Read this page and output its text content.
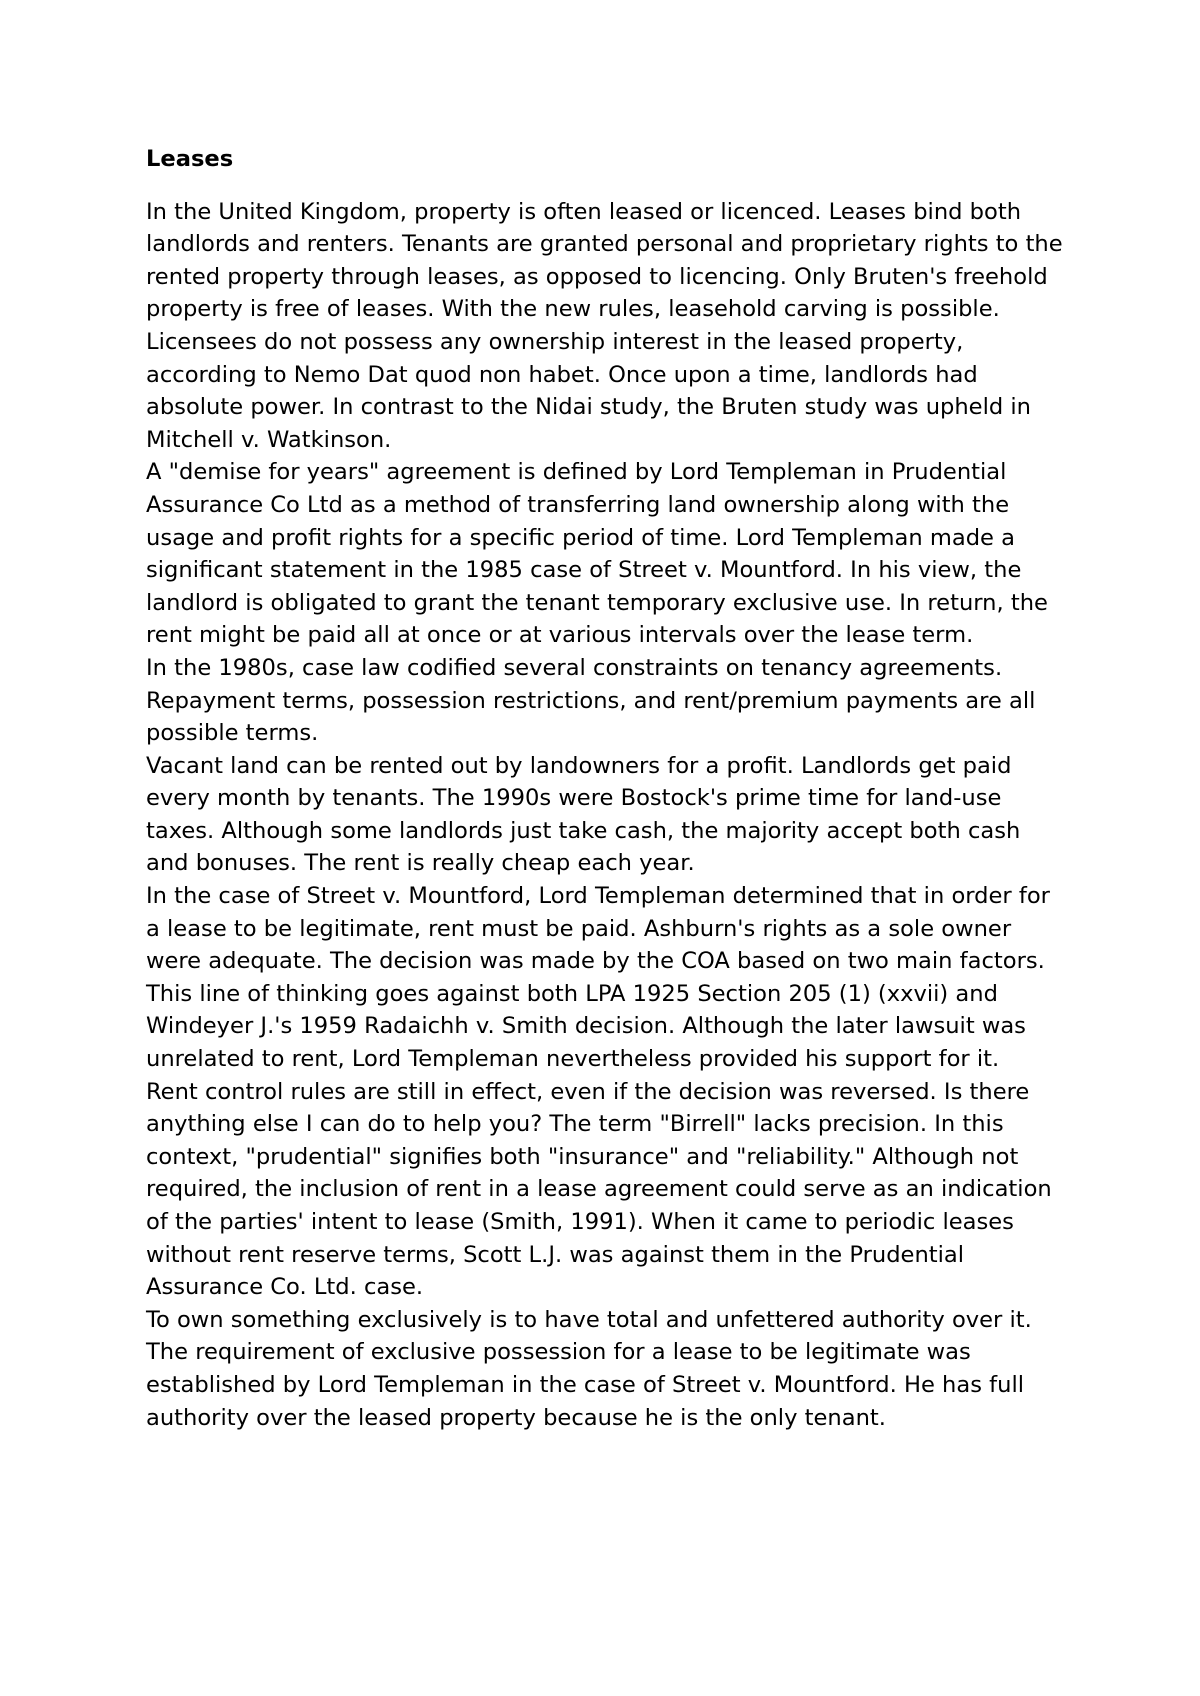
Leases

In the United Kingdom, property is often leased or licenced. Leases bind both landlords and renters. Tenants are granted personal and proprietary rights to the rented property through leases, as opposed to licencing. Only Bruten's freehold property is free of leases. With the new rules, leasehold carving is possible. Licensees do not possess any ownership interest in the leased property, according to Nemo Dat quod non habet. Once upon a time, landlords had absolute power. In contrast to the Nidai study, the Bruten study was upheld in Mitchell v. Watkinson.

A "demise for years" agreement is defined by Lord Templeman in Prudential Assurance Co Ltd as a method of transferring land ownership along with the usage and profit rights for a specific period of time. Lord Templeman made a significant statement in the 1985 case of Street v. Mountford. In his view, the landlord is obligated to grant the tenant temporary exclusive use. In return, the rent might be paid all at once or at various intervals over the lease term.

In the 1980s, case law codified several constraints on tenancy agreements. Repayment terms, possession restrictions, and rent/premium payments are all possible terms.

Vacant land can be rented out by landowners for a profit. Landlords get paid every month by tenants. The 1990s were Bostock's prime time for land-use taxes. Although some landlords just take cash, the majority accept both cash and bonuses. The rent is really cheap each year.

In the case of Street v. Mountford, Lord Templeman determined that in order for a lease to be legitimate, rent must be paid. Ashburn's rights as a sole owner were adequate. The decision was made by the COA based on two main factors. This line of thinking goes against both LPA 1925 Section 205 (1) (xxvii) and Windeyer J.'s 1959 Radaichh v. Smith decision. Although the later lawsuit was unrelated to rent, Lord Templeman nevertheless provided his support for it.

Rent control rules are still in effect, even if the decision was reversed. Is there anything else I can do to help you? The term "Birrell" lacks precision. In this context, "prudential" signifies both "insurance" and "reliability." Although not required, the inclusion of rent in a lease agreement could serve as an indication of the parties' intent to lease (Smith, 1991). When it came to periodic leases without rent reserve terms, Scott L.J. was against them in the Prudential Assurance Co. Ltd. case.

To own something exclusively is to have total and unfettered authority over it.

The requirement of exclusive possession for a lease to be legitimate was established by Lord Templeman in the case of Street v. Mountford. He has full authority over the leased property because he is the only tenant.
